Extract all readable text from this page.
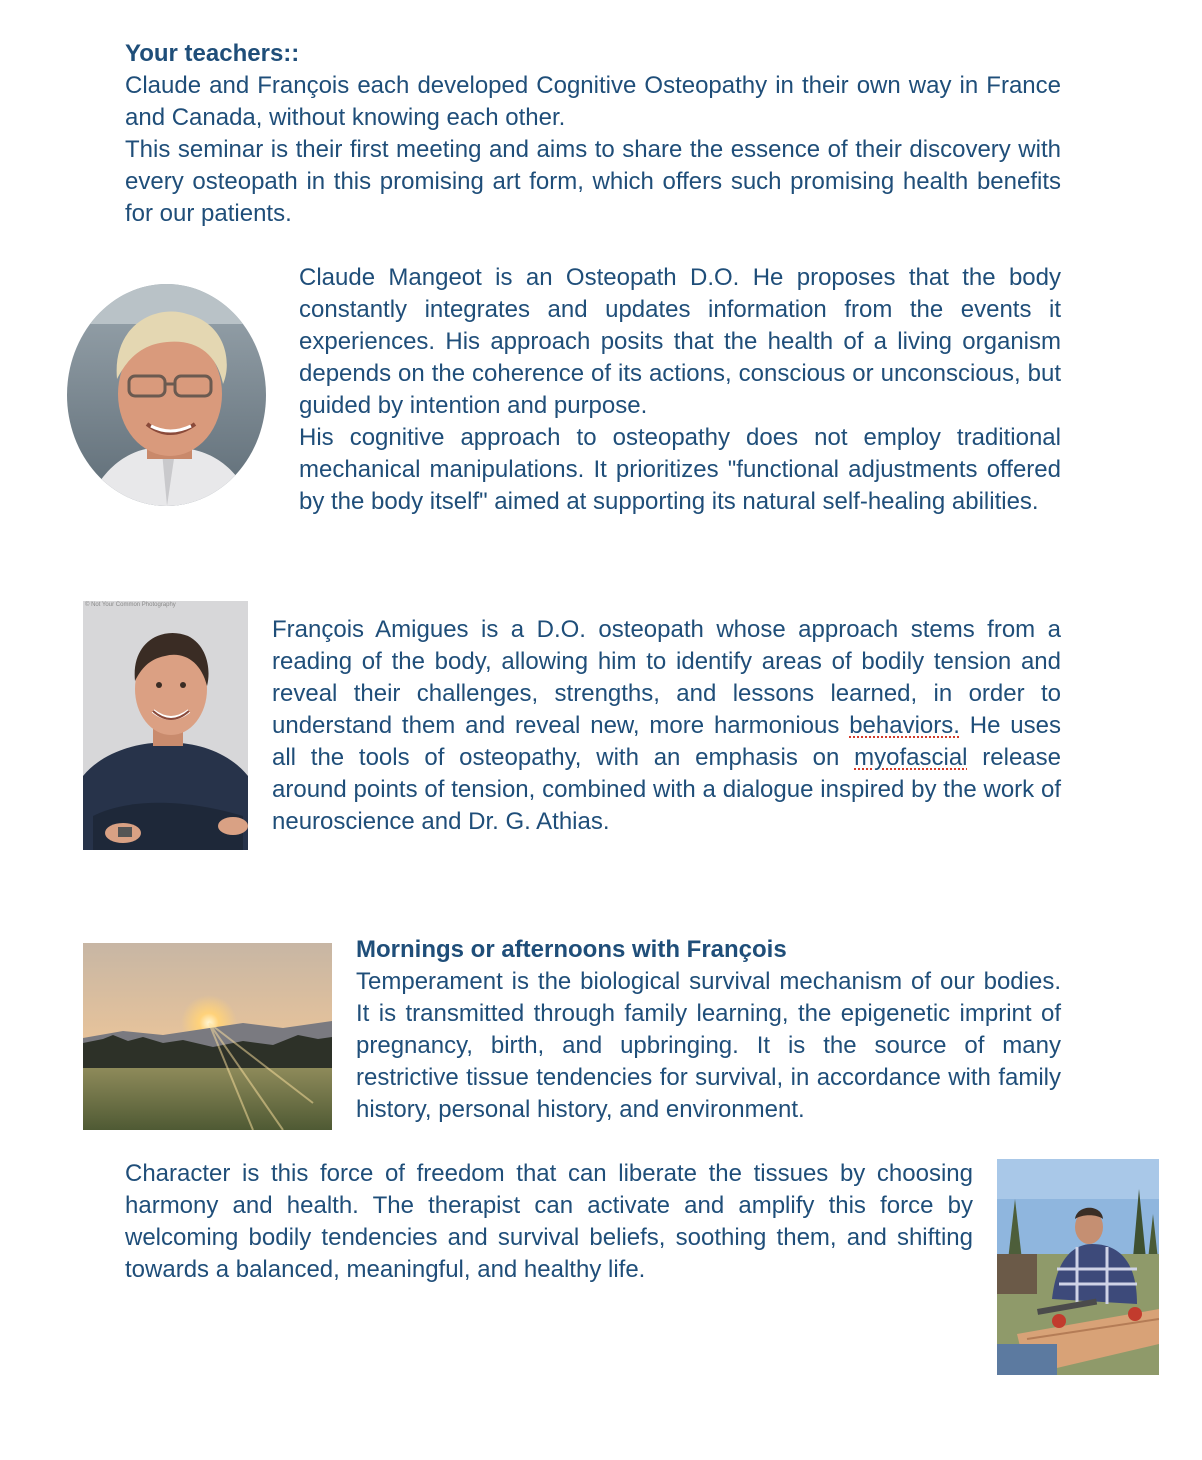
Your teachers::

Claude and François each developed Cognitive Osteopathy in their own way in France and Canada, without knowing each other.

This seminar is their first meeting and aims to share the essence of their discovery with every osteopath in this promising art form, which offers such promising health benefits for our patients.

Claude Mangeot is an Osteopath D.O. He proposes that the body constantly integrates and updates information from the events it experiences. His approach posits that the health of a living organism depends on the coherence of its actions, conscious or unconscious, but guided by intention and purpose.

His cognitive approach to osteopathy does not employ traditional mechanical manipulations. It prioritizes "functional adjustments offered by the body itself" aimed at supporting its natural self-healing abilities.

© Not Your Common Photography

François Amigues is a D.O. osteopath whose approach stems from a reading of the body, allowing him to identify areas of bodily tension and reveal their challenges, strengths, and lessons learned, in order to understand them and reveal new, more harmonious behaviors. He uses all the tools of osteopathy, with an emphasis on myofascial release around points of tension, combined with a dialogue inspired by the work of neuroscience and Dr. G. Athias.

Mornings or afternoons with François

Temperament is the biological survival mechanism of our bodies. It is transmitted through family learning, the epigenetic imprint of pregnancy, birth, and upbringing. It is the source of many restrictive tissue tendencies for survival, in accordance with family history, personal history, and environment.

Character is this force of freedom that can liberate the tissues by choosing harmony and health. The therapist can activate and amplify this force by welcoming bodily tendencies and survival beliefs, soothing them, and shifting towards a balanced, meaningful, and healthy life.
